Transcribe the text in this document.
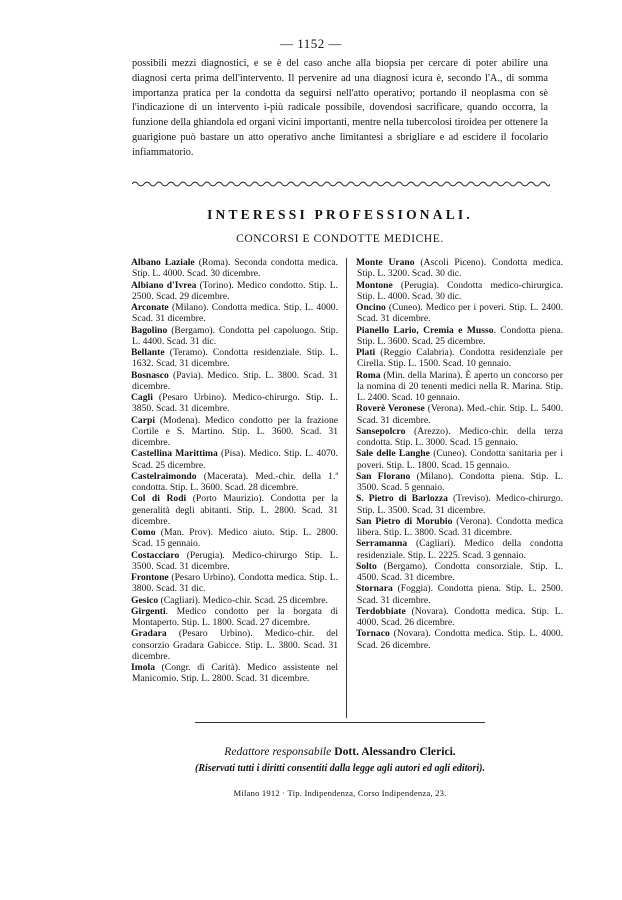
— 1152 —

possibili mezzi diagnostici, e se è del caso anche alla biopsia per cercare di poter abilire una diagnosi certa prima dell'intervento. Il pervenire ad una diagnosi icura è, secondo l'A., di somma importanza pratica per la condotta da seguirsi nell'atto operativo; portando il neoplasma con sè l'indicazione di un intervento i-più radicale possibile, dovendosi sacrificare, quando occorra, la funzione della ghiandola ed organi vicini importanti, mentre nella tubercolosi tiroidea per ottenere la guarigione può bastare un atto operativo anche limitantesi a sbrigliare e ad escidere il focolario infiammatorio.

INTERESSI PROFESSIONALI.
CONCORSI E CONDOTTE MEDICHE.

Albano Laziale (Roma). Seconda condotta medica. Stip. L. 4000. Scad. 30 dicembre.

Albiano d'Ivrea (Torino). Medico condotto. Stip. L. 2500. Scad. 29 dicembre.

Arconate (Milano). Condotta medica. Stip. L. 4000. Scad. 31 dicembre.

Bagolino (Bergamo). Condotta pel capoluogo. Stip. L. 4400. Scad. 31 dic.

Bellante (Teramo). Condotta residenziale. Stip. L. 1632. Scad. 31 dicembre.

Bosnasco (Pavia). Medico. Stip. L. 3800. Scad. 31 dicembre.

Cagli (Pesaro Urbino). Medico-chirurgo. Stip. L. 3850. Scad. 31 dicembre.

Carpi (Modena). Medico condotto per la frazione Cortile e S. Martino. Stip. L. 3600. Scad. 31 dicembre.

Castellina Marittima (Pisa). Medico. Stip. L. 4070. Scad. 25 dicembre.

Castelraimondo (Macerata). Med.-chir. della 1.ª condotta. Stip. L. 3600. Scad. 28 dicembre.

Col di Rodi (Porto Maurizio). Condotta per la generalità degli abitanti. Stip. L. 2800. Scad. 31 dicembre.

Como (Man. Prov). Medico aiuto. Stip. L. 2800. Scad. 15 gennaio.

Costacciaro (Perugia). Medico-chirurgo Stip. L. 3500. Scad. 31 dicembre.

Frontone (Pesaro Urbino). Condotta medica. Stip. L. 3800. Scad. 31 dic.

Gesico (Cagliari). Medico-chir. Scad. 25 dicembre.

Girgenti. Medico condotto per la borgata di Montaperto. Stip. L. 1800. Scad. 27 dicembre.

Gradara (Pesaro Urbino). Medico-chir. del consorzio Gradara Gabicce. Stip. L. 3800. Scad. 31 dicembre.

Imola (Congr. di Carità). Medico assistente nel Manicomio. Stip. L. 2800. Scad. 31 dicembre.

Monte Urano (Ascoli Piceno). Condotta medica. Stip. L. 3200. Scad. 30 dic.

Montone (Perugia). Condotta medico-chirurgica. Stip. L. 4000. Scad. 30 dic.

Oncino (Cuneo). Medico per i poveri. Stip. L. 2400. Scad. 31 dicembre.

Pianello Lario, Cremia e Musso. Condotta piena. Stip. L. 3600. Scad. 25 dicembre.

Plati (Reggio Calabria). Condotta residenziale per Cirella. Stip. L. 1500. Scad. 10 gennaio.

Roma (Min. della Marina). È aperto un concorso per la nomina di 20 tenenti medici nella R. Marina. Stip. L. 2400. Scad. 10 gennaio.

Roverè Veronese (Verona). Med.-chir. Stip. L. 5400. Scad. 31 dicembre.

Sansepolcro (Arezzo). Medico-chir. della terza condotta. Stip. L. 3000. Scad. 15 gennaio.

Sale delle Langhe (Cuneo). Condotta sanitaria per i poveri. Stip. L. 1800. Scad. 15 gennaio.

San Florano (Milano). Condotta piena. Stip. L. 3500. Scad. 5 gennaio.

S. Pietro di Barlozza (Treviso). Medico-chirurgo. Stip. L. 3500. Scad. 31 dicembre.

San Pietro di Morubio (Verona). Condotta medica libera. Stip. L. 3800. Scad. 31 dicembre.

Serramanna (Cagliari). Medico della condotta residenziale. Stip. L. 2225. Scad. 3 gennaio.

Solto (Bergamo). Condotta consorziale. Stip. L. 4500. Scad. 31 dicembre.

Stornara (Foggia). Condotta piena. Stip. L. 2500. Scad. 31 dicembre.

Terdobbiate (Novara). Condotta medica. Stip. L. 4000. Scad. 26 dicembre.

Tornaco (Novara). Condotta medica. Stip. L. 4000. Scad. 26 dicembre.

Redattore responsabile Dott. Alessandro Clerici.
(Riservati tutti i diritti consentiti dalla legge agli autori ed agli editori).
Milano 1912 · Tip. Indipendenza, Corso Indipendenza, 23.
